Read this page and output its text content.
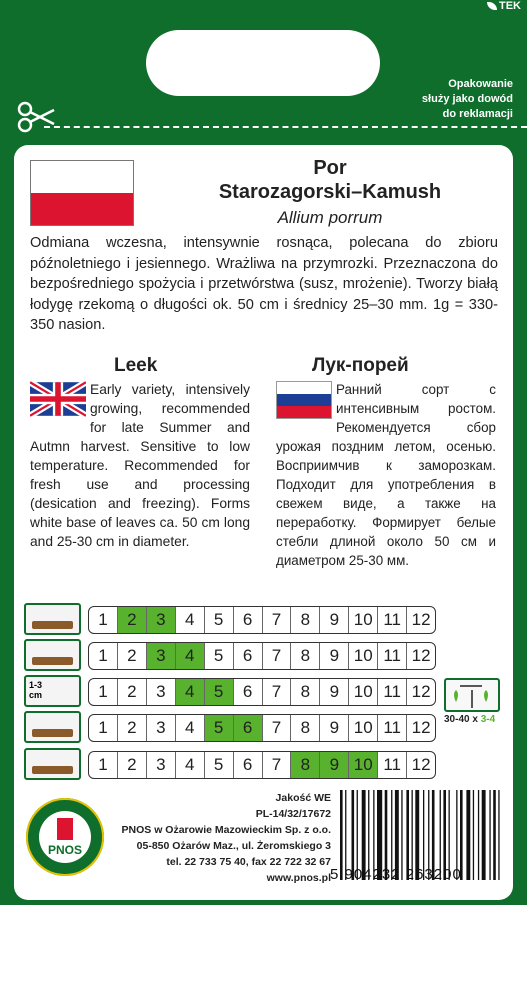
TEK
Opakowanie
służy jako dowód
do reklamacji
Por
Starozagorski–Kamush
Allium porrum
Odmiana wczesna, intensywnie rosnąca, polecana do zbioru późnoletniego i jesiennego. Wrażliwa na przymrozki. Przeznaczona do bezpośredniego spożycia i przetwórstwa (susz, mrożenie). Tworzy białą łodygę rzekomą o długości ok. 50 cm i średnicy 25–30 mm. 1g = 330-350 nasion.
Leek	Лук-порей
Early variety, intensively growing, recommended for late Summer and Autmn harvest. Sensitive to low temperature. Recommended for fresh use and processing (desication and freezing). Forms white base of leaves ca. 50 cm long and 25-30 cm in diameter.
Ранний сорт с интенсивным ростом. Рекомендуется сбор урожая поздним летом, осенью. Восприимчив к заморозкам. Подходит для употребления в свежем виде, а также на переработку. Формирует белые стебли длиной около 50 см и диаметром 25-30 мм.
1	2	3	4	5	6	7	8	9 10 11 12
1	2	3	4	5	6	7	8	9 10 11 12
1-3 cm	1	2	3	4	5	6	7	8	9 10 11 12
1	2	3	4	5	6	7	8	9 10 11 12
1	2	3	4	5	6	7	8	9 10 11 12
30-40 x 3-4
PNOS
Jakość WE
PL-14/32/17672
PNOS w Ożarowie Mazowieckim Sp. z o.o.
05-850 Ożarów Maz., ul. Żeromskiego 3
tel. 22 733 75 40, fax 22 722 32 67
www.pnos.pl 5 904232 263200
